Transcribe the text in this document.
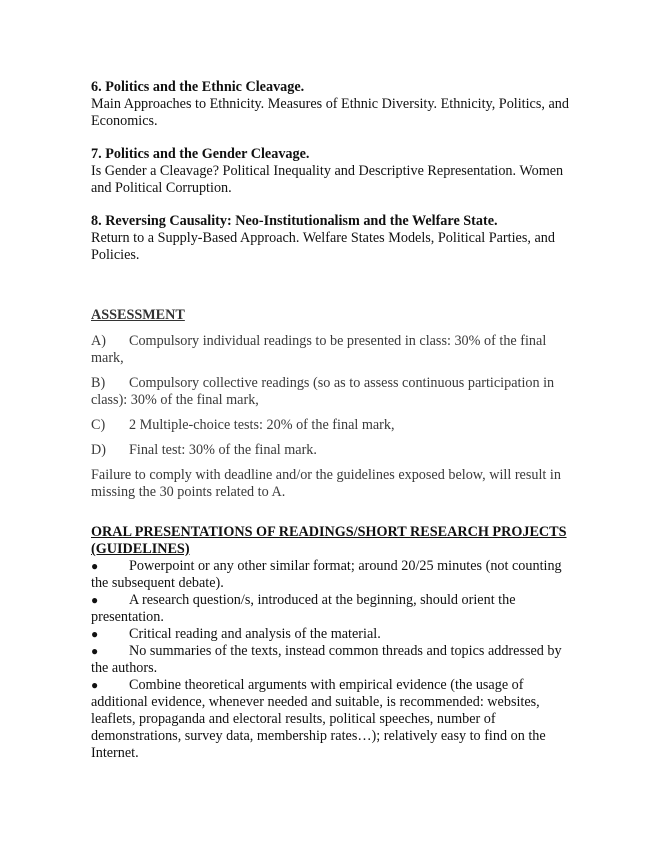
6. Politics and the Ethnic Cleavage.
Main Approaches to Ethnicity. Measures of Ethnic Diversity. Ethnicity, Politics, and Economics.
7. Politics and the Gender Cleavage.
Is Gender a Cleavage? Political Inequality and Descriptive Representation. Women and Political Corruption.
8. Reversing Causality: Neo-Institutionalism and the Welfare State.
Return to a Supply-Based Approach. Welfare States Models, Political Parties, and Policies.
ASSESSMENT
A) Compulsory individual readings to be presented in class: 30% of the final mark,
B) Compulsory collective readings (so as to assess continuous participation in class): 30% of the final mark,
C) 2 Multiple-choice tests: 20% of the final mark,
D) Final test: 30% of the final mark.
Failure to comply with deadline and/or the guidelines exposed below, will result in missing the 30 points related to A.
ORAL PRESENTATIONS OF READINGS/SHORT RESEARCH PROJECTS (GUIDELINES)
● Powerpoint or any other similar format; around 20/25 minutes (not counting the subsequent debate).
● A research question/s, introduced at the beginning, should orient the presentation.
● Critical reading and analysis of the material.
● No summaries of the texts, instead common threads and topics addressed by the authors.
● Combine theoretical arguments with empirical evidence (the usage of additional evidence, whenever needed and suitable, is recommended: websites, leaflets, propaganda and electoral results, political speeches, number of demonstrations, survey data, membership rates…); relatively easy to find on the Internet.
